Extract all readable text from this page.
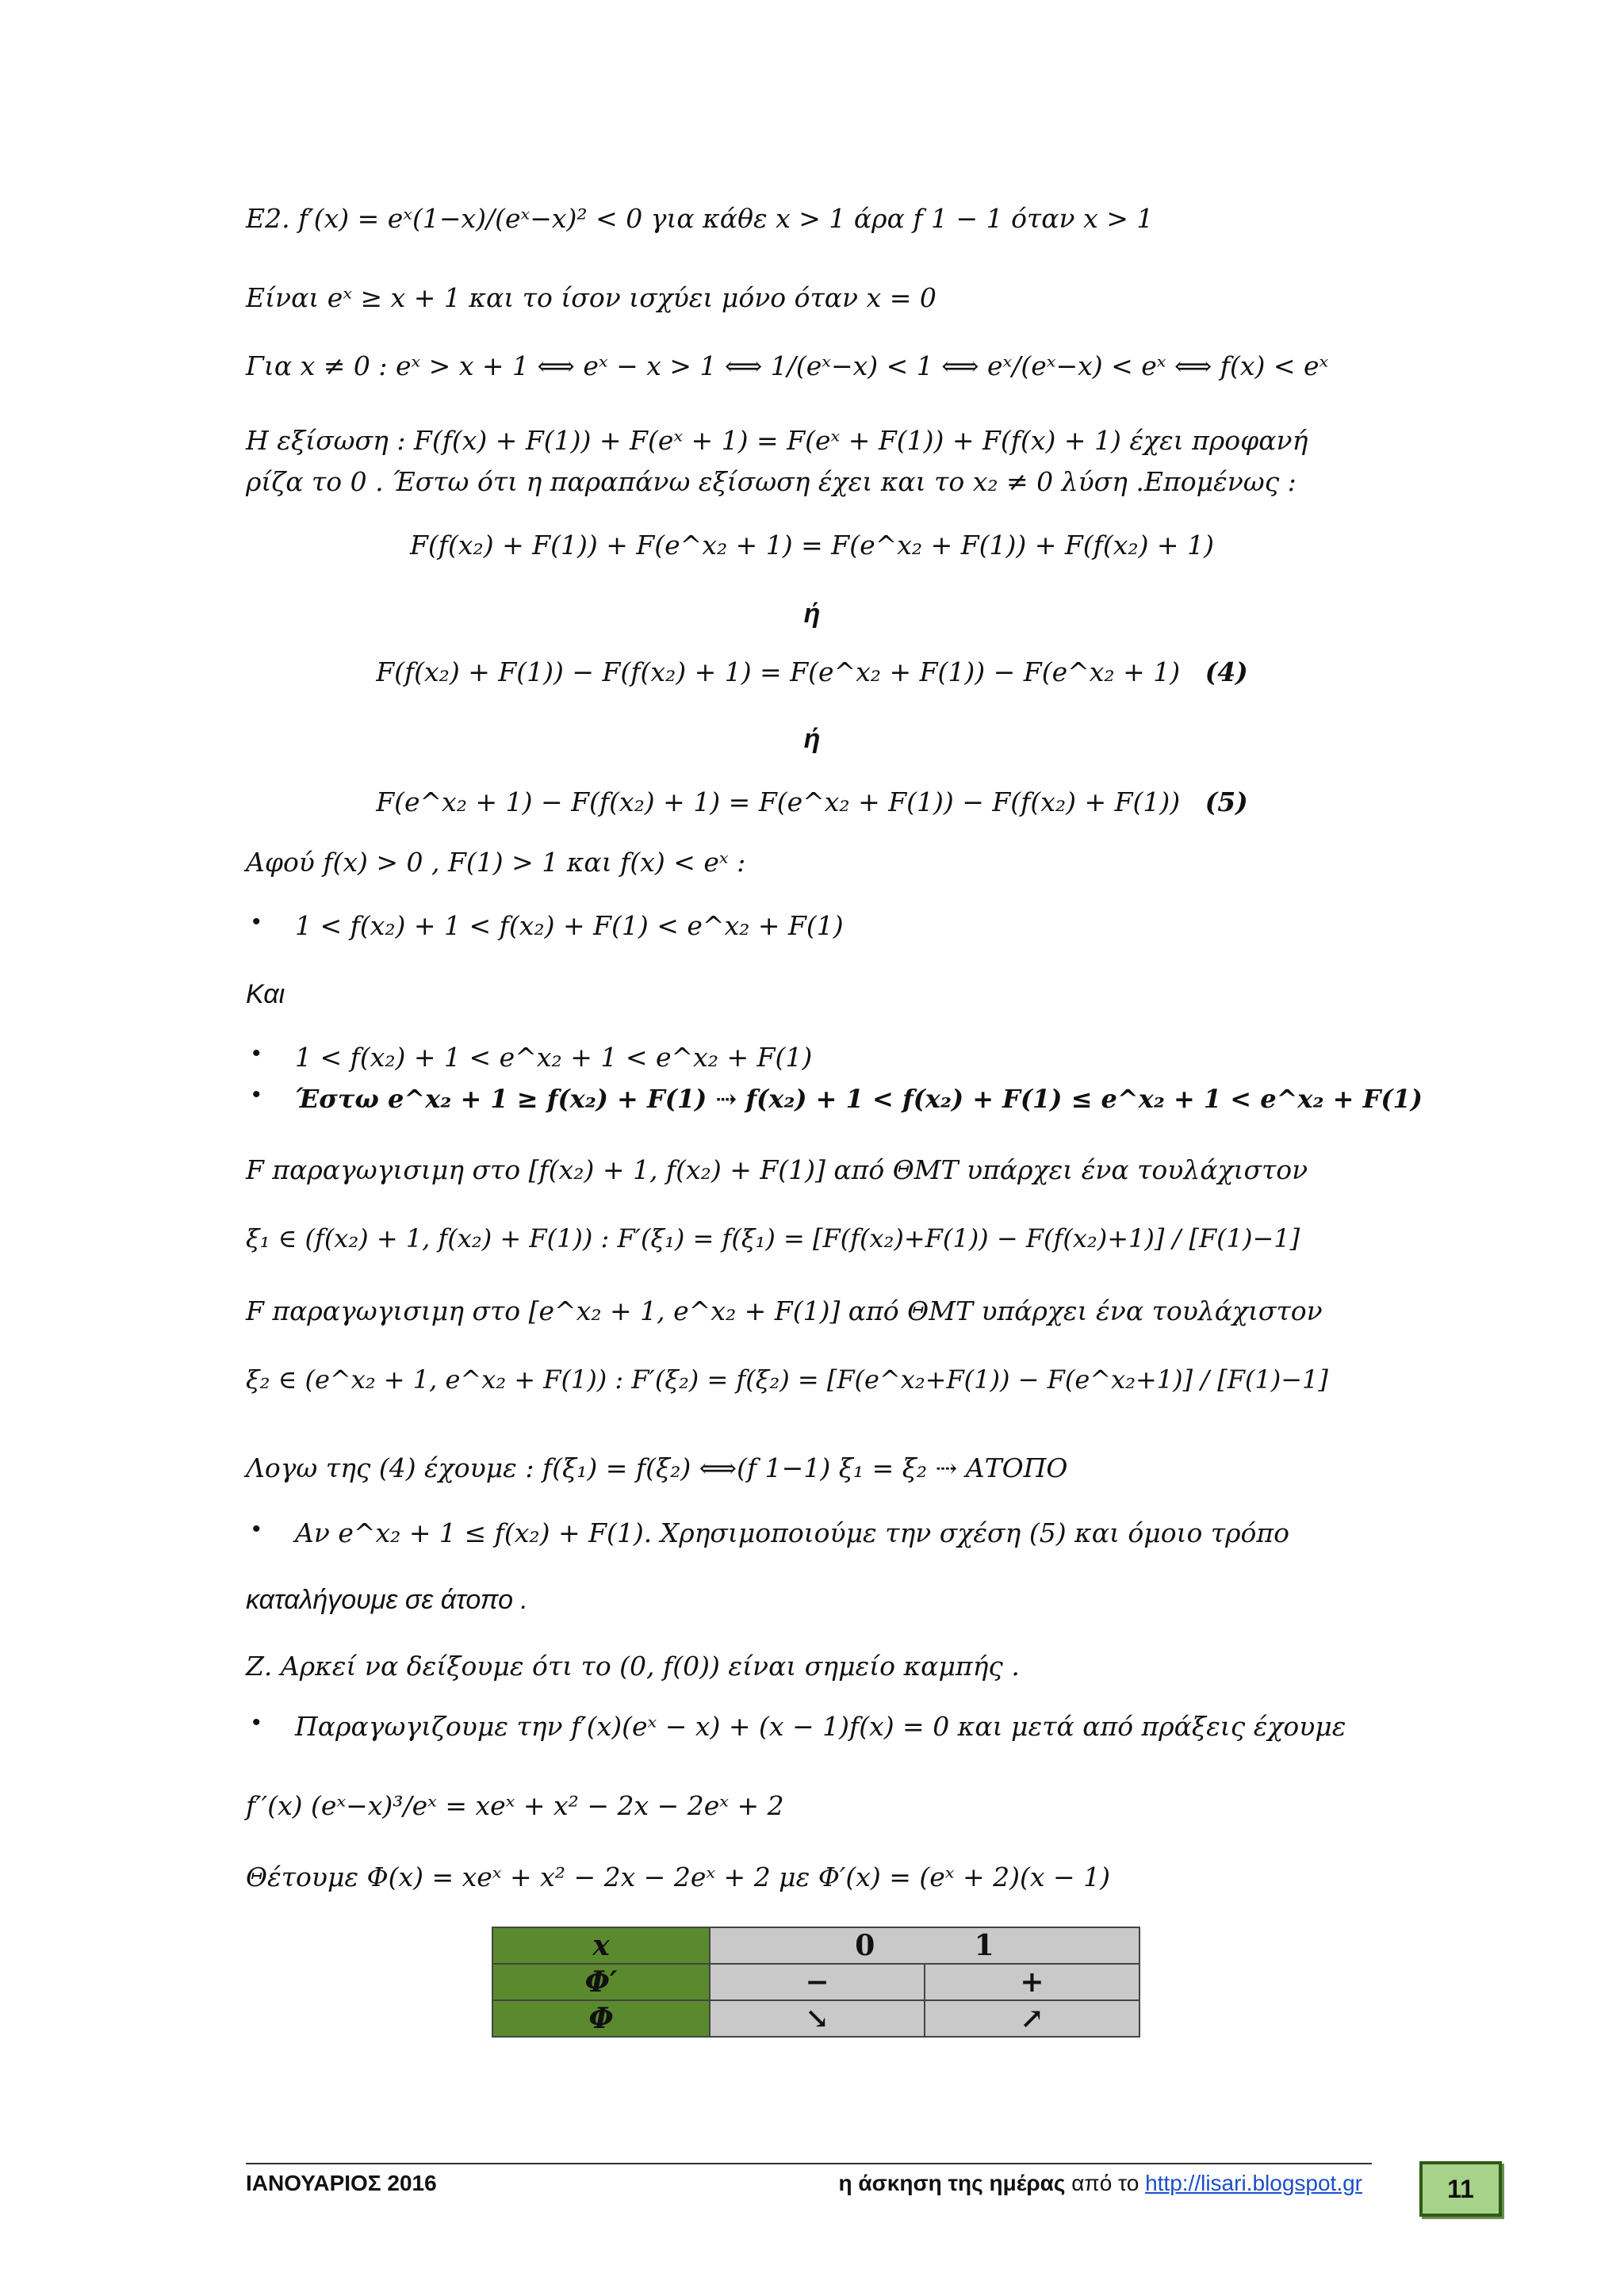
Ε2. f′(x) = eˣ(1−x)/(eˣ−x)² < 0 για κάθε x > 1 άρα f 1 − 1 όταν x > 1
Είναι eˣ ≥ x + 1 και το ίσον ισχύει μόνο όταν x = 0
Για x ≠ 0 : eˣ > x + 1 ⟺ eˣ − x > 1 ⟺ 1/(eˣ−x) < 1 ⟺ eˣ/(eˣ−x) < eˣ ⟺ f(x) < eˣ
Η εξίσωση : F(f(x) + F(1)) + F(eˣ + 1) = F(eˣ + F(1)) + F(f(x) + 1) έχει προφανή
ρίζα το 0 . Έστω ότι η παραπάνω εξίσωση έχει και το x₂ ≠ 0 λύση .Επομένως :
F(f(x₂) + F(1)) + F(e^x₂ + 1) = F(e^x₂ + F(1)) + F(f(x₂) + 1)
ή
F(f(x₂) + F(1)) − F(f(x₂) + 1) = F(e^x₂ + F(1)) − F(e^x₂ + 1) (4)
ή
F(e^x₂ + 1) − F(f(x₂) + 1) = F(e^x₂ + F(1)) − F(f(x₂) + F(1)) (5)
Αφού f(x) > 0 , F(1) > 1 και f(x) < eˣ :
• 1 < f(x₂) + 1 < f(x₂) + F(1) < e^x₂ + F(1)
Και
• 1 < f(x₂) + 1 < e^x₂ + 1 < e^x₂ + F(1)
• Έστω e^x₂ + 1 ≥ f(x₂) + F(1) ⇢ f(x₂) + 1 < f(x₂) + F(1) ≤ e^x₂ + 1 < e^x₂ + F(1)
F παραγωγισιμη στο [f(x₂) + 1, f(x₂) + F(1)] από ΘΜΤ υπάρχει ένα τουλάχιστον
ξ₁ ∈ (f(x₂) + 1, f(x₂) + F(1)) : F′(ξ₁) = f(ξ₁) = [F(f(x₂)+F(1)) − F(f(x₂)+1)] / [F(1)−1]
F παραγωγισιμη στο [e^x₂ + 1, e^x₂ + F(1)] από ΘΜΤ υπάρχει ένα τουλάχιστον
ξ₂ ∈ (e^x₂ + 1, e^x₂ + F(1)) : F′(ξ₂) = f(ξ₂) = [F(e^x₂+F(1)) − F(e^x₂+1)] / [F(1)−1]
Λογω της (4) έχουμε : f(ξ₁) = f(ξ₂) ⟺(f 1−1) ξ₁ = ξ₂ ⇢ ΑΤΟΠΟ
• Αν e^x₂ + 1 ≤ f(x₂) + F(1). Χρησιμοποιούμε την σχέση (5) και όμοιο τρόπο
καταλήγουμε σε άτοπο .
Ζ. Αρκεί να δείξουμε ότι το (0, f(0)) είναι σημείο καμπής .
• Παραγωγιζουμε την f′(x)(eˣ − x) + (x − 1)f(x) = 0 και μετά από πράξεις έχουμε
f′′(x) (eˣ−x)³/eˣ = xeˣ + x² − 2x − 2eˣ + 2
Θέτουμε Φ(x) = xeˣ + x² − 2x − 2eˣ + 2 με Φ′(x) = (eˣ + 2)(x − 1)
x	0          1	
Φ′	−	+
Φ	↘	↗
ΙΑΝΟΥΑΡΙΟΣ 2016	η άσκηση της ημέρας από το http://lisari.blogspot.gr	11
